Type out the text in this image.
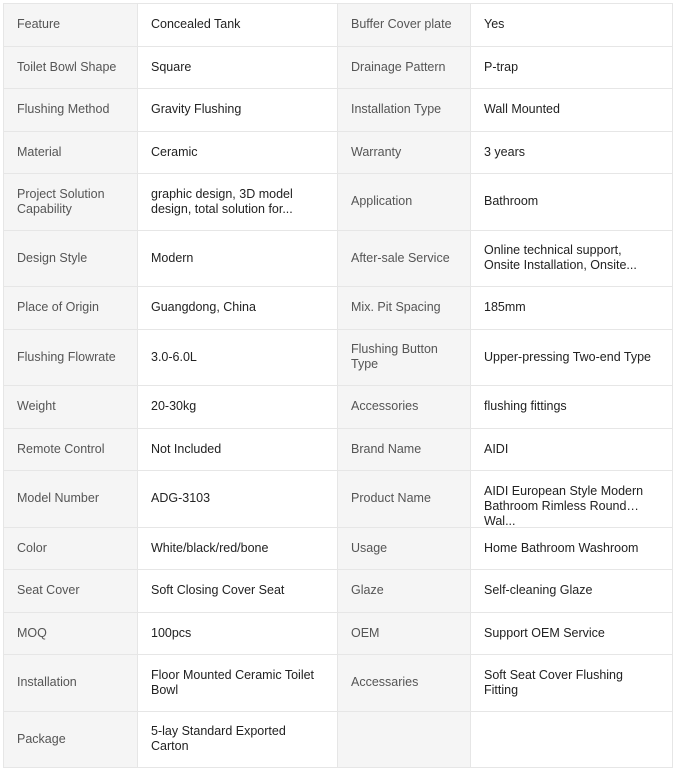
Feature	Concealed Tank	Buffer Cover plate	Yes

Toilet Bowl Shape	Square	Drainage Pattern	P-trap

Flushing Method	Gravity Flushing	Installation Type	Wall Mounted

Material	Ceramic	Warranty	3 years

Project Solution Capability	graphic design, 3D model design, total solution for...	Application	Bathroom

Design Style	Modern	After-sale Service	Online technical support, Onsite Installation, Onsite...

Place of Origin	Guangdong, China	Mix. Pit Spacing	185mm

Flushing Flowrate	3.0-6.0L	Flushing Button Type	Upper-pressing Two-end Type

Weight	20-30kg	Accessories	flushing fittings

Remote Control	Not Included	Brand Name	AIDI

Model Number	ADG-3103	Product Name	AIDI European Style Modern Bathroom Rimless Round Wal...

Color	White/black/red/bone	Usage	Home Bathroom Washroom

Seat Cover	Soft Closing Cover Seat	Glaze	Self-cleaning Glaze

MOQ	100pcs	OEM	Support OEM Service

Installation	Floor Mounted Ceramic Toilet Bowl	Accessaries	Soft Seat Cover Flushing Fitting

Package	5-lay Standard Exported Carton		
